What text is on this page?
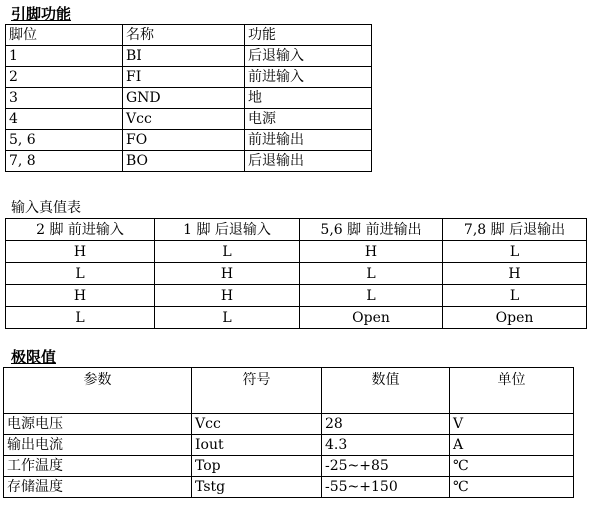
引脚功能
脚位	名称	功能
1	BI	后退输入
2	FI	前进输入
3	GND	地
4	Vcc	电源
5, 6	FO	前进输出
7, 8	BO	后退输出
输入真值表
2 脚 前进输入	1 脚 后退输入	5,6 脚 前进输出	7,8 脚 后退输出
H	L	H	L
L	H	L	H
H	H	L	L
L	L	Open	Open
极限值
参数	符号	数值	单位
电源电压	Vcc	28	V
输出电流	Iout	4.3	A
工作温度	Top	-25~+85	℃
存储温度	Tstg	-55~+150	℃
